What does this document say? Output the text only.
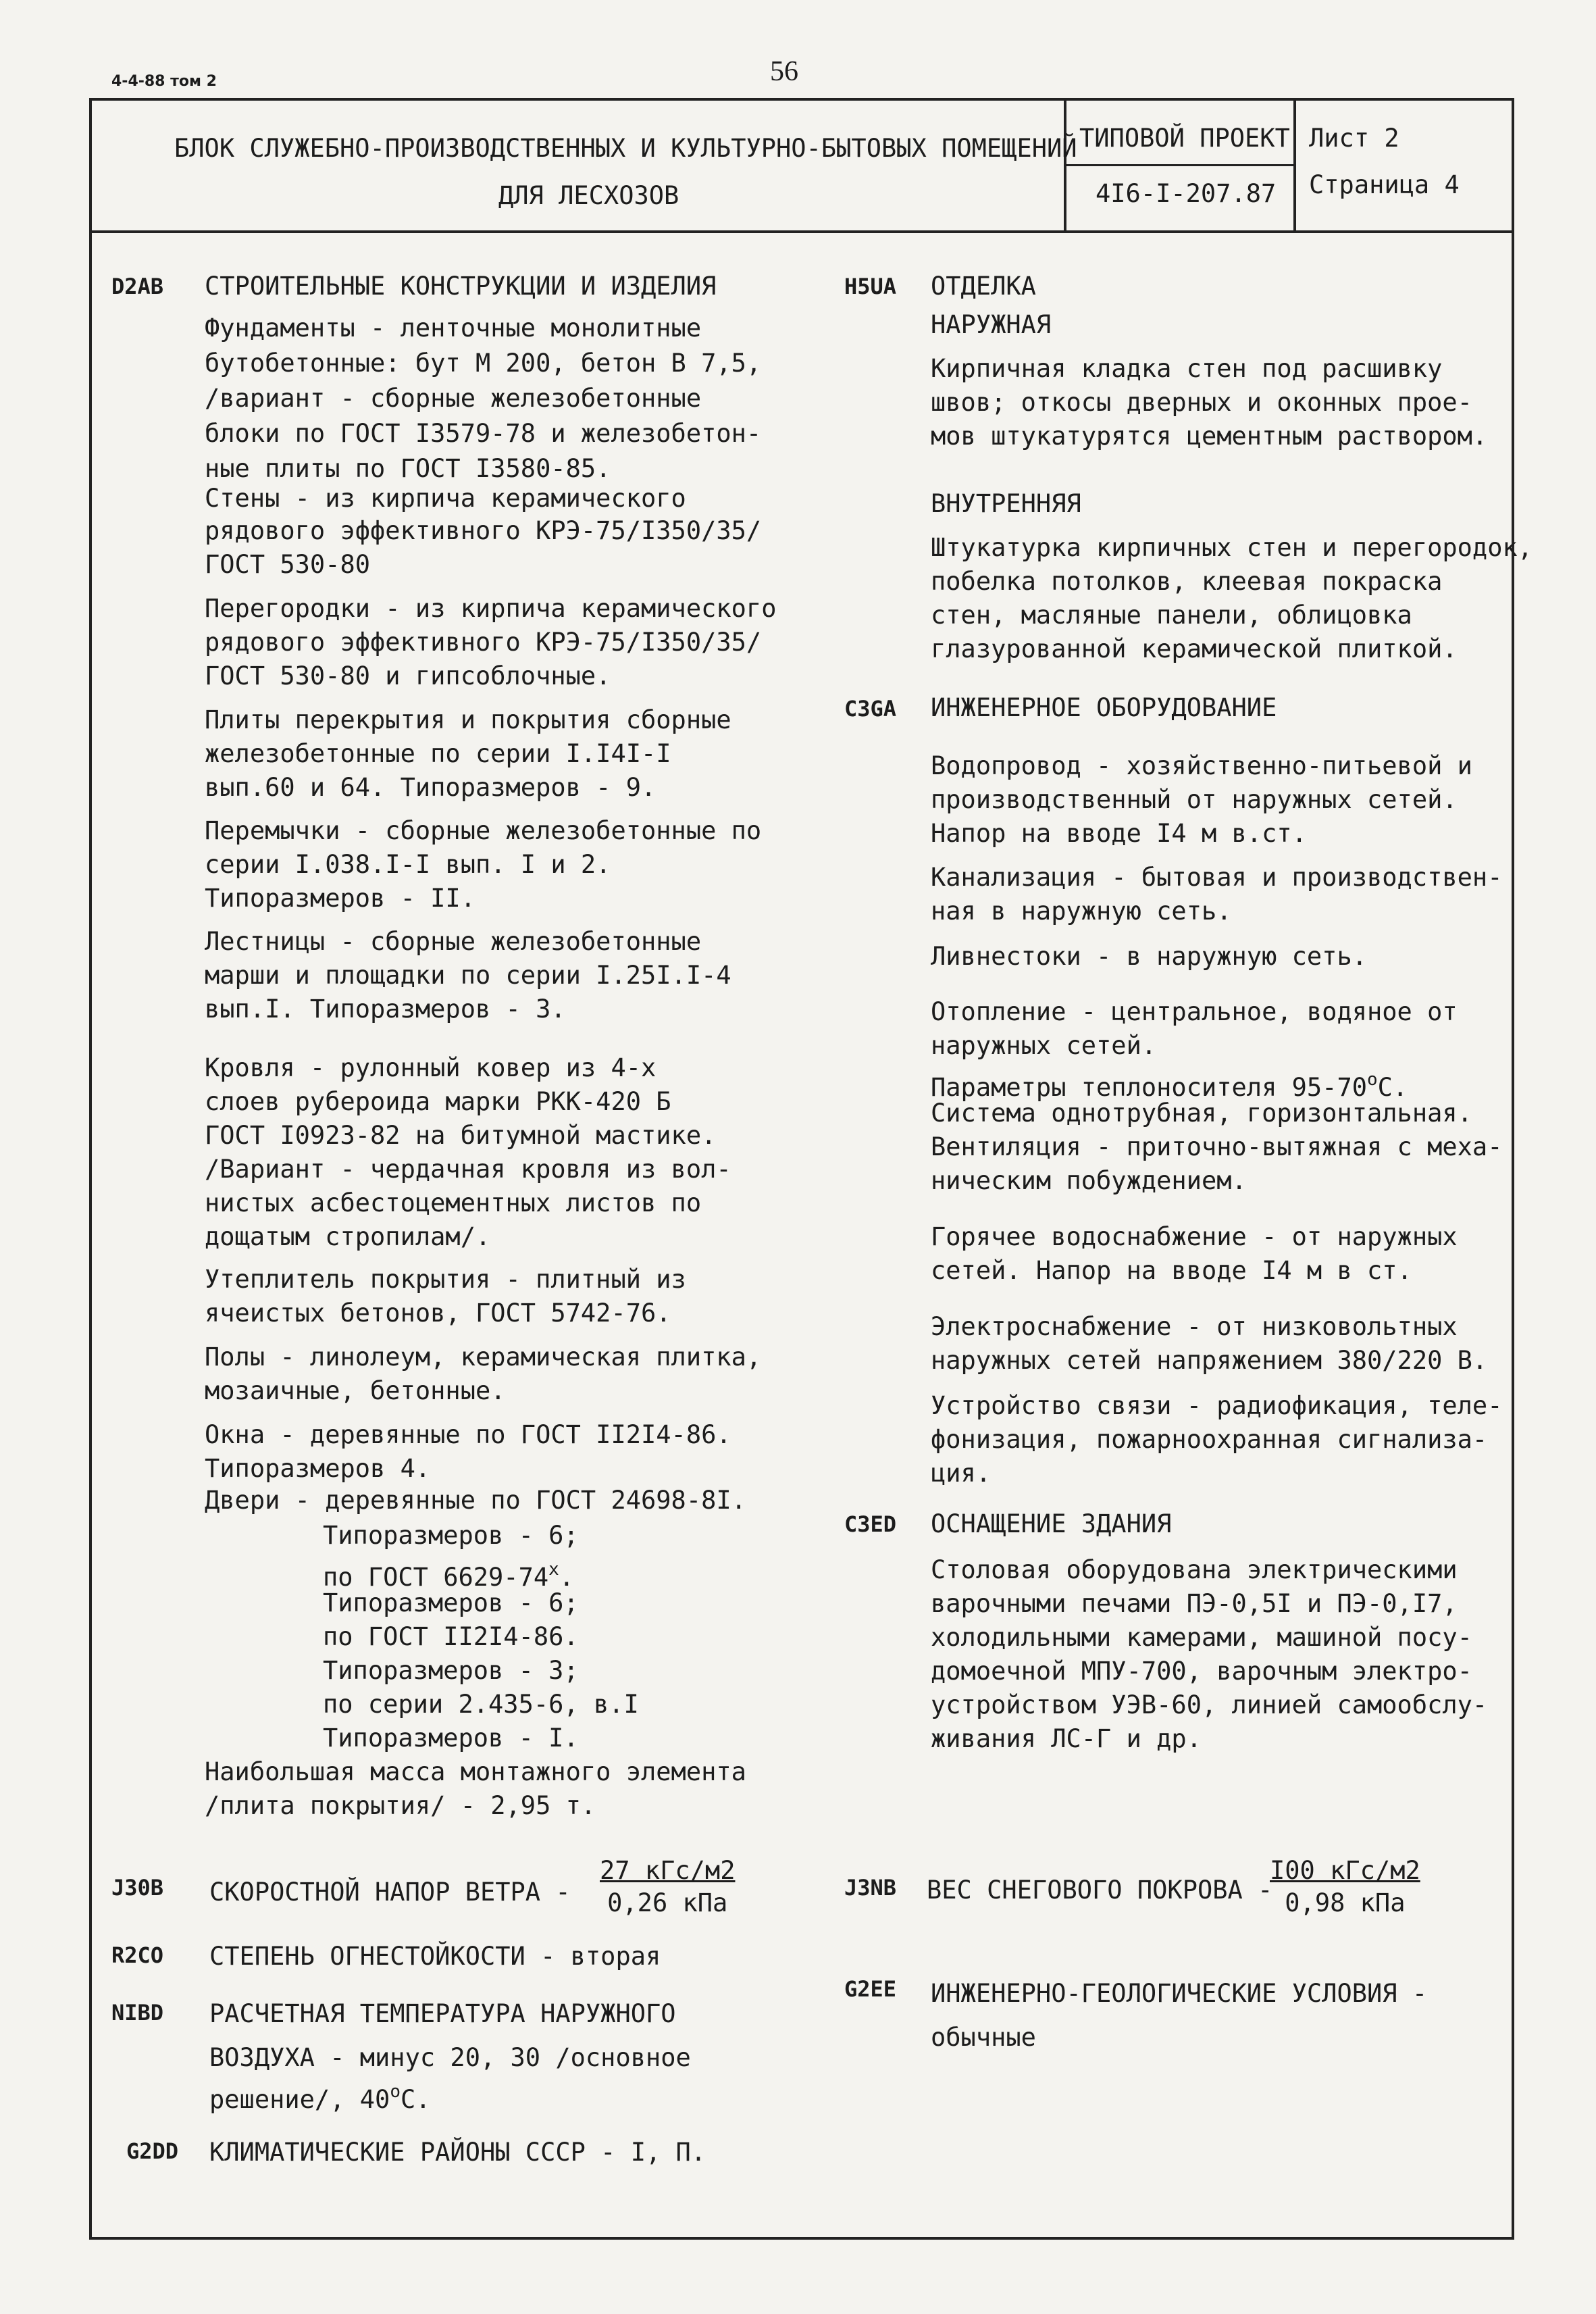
4-4-88 том 2	56
БЛОК СЛУЖЕБНО-ПРОИЗВОДСТВЕННЫХ И КУЛЬТУРНО-БЫТОВЫХ ПОМЕЩЕНИЙ
ДЛЯ ЛЕСХОЗОВ
ТИПОВОЙ ПРОЕКТ
4I6-I-207.87
Лист 2
Страница 4
D2AB СТРОИТЕЛЬНЫЕ КОНСТРУКЦИИ И ИЗДЕЛИЯ
Фундаменты - ленточные монолитные
бутобетонные: бут М 200, бетон В 7,5,
/вариант - сборные железобетонные
блоки по ГОСТ I3579-78 и железобетон-
ные плиты по ГОСТ I3580-85.
Стены - из кирпича керамического
рядового эффективного КРЭ-75/I350/35/
ГОСТ 530-80
Перегородки - из кирпича керамического
рядового эффективного КРЭ-75/I350/35/
ГОСТ 530-80 и гипсоблочные.
Плиты перекрытия и покрытия сборные
железобетонные по серии I.I4I-I
вып.60 и 64. Типоразмеров - 9.
Перемычки - сборные железобетонные по
серии I.038.I-I вып. I и 2.
Типоразмеров - II.
Лестницы - сборные железобетонные
марши и площадки по серии I.25I.I-4
вып.I. Типоразмеров - 3.
Кровля - рулонный ковер из 4-х
слоев рубероида марки РКК-420 Б
ГОСТ I0923-82 на битумной мастике.
/Вариант - чердачная кровля из вол-
нистых асбестоцементных листов по
дощатым стропилам/.
Утеплитель покрытия - плитный из
ячеистых бетонов, ГОСТ 5742-76.
Полы - линолеум, керамическая плитка,
мозаичные, бетонные.
Окна - деревянные по ГОСТ II2I4-86.
Типоразмеров 4.
Двери - деревянные по ГОСТ 24698-8I.
Типоразмеров - 6;
по ГОСТ 6629-74$^x$.
Типоразмеров - 6;
по ГОСТ II2I4-86.
Типоразмеров - 3;
по серии 2.435-6, в.I
Типоразмеров - I.
Наибольшая масса монтажного элемента
/плита покрытия/ - 2,95 т.
J30B СКОРОСТНОЙ НАПОР ВЕТРА -
27 кГс/м2
0,26 кПа
R2CO СТЕПЕНЬ ОГНЕСТОЙКОСТИ - вторая
NIBD РАСЧЕТНАЯ ТЕМПЕРАТУРА НАРУЖНОГО
ВОЗДУХА - минус 20, 30 /основное
решение/, 40$^o$С.
G2DD КЛИМАТИЧЕСКИЕ РАЙОНЫ СССР - I, П.
H5UA ОТДЕЛКА
НАРУЖНАЯ
Кирпичная кладка стен под расшивку
швов; откосы дверных и оконных прое-
мов штукатурятся цементным раствором.
ВНУТРЕННЯЯ
Штукатурка кирпичных стен и перегородок,
побелка потолков, клеевая покраска
стен, масляные панели, облицовка
глазурованной керамической плиткой.
C3GA ИНЖЕНЕРНОЕ ОБОРУДОВАНИЕ
Водопровод - хозяйственно-питьевой и
производственный от наружных сетей.
Напор на вводе I4 м в.ст.
Канализация - бытовая и производствен-
ная в наружную сеть.
Ливнестоки - в наружную сеть.
Отопление - центральное, водяное от
наружных сетей.
Параметры теплоносителя 95-70$^o$С.
Система однотрубная, горизонтальная.
Вентиляция - приточно-вытяжная с меха-
ническим побуждением.
Горячее водоснабжение - от наружных
сетей. Напор на вводе I4 м в ст.
Электроснабжение - от низковольтных
наружных сетей напряжением 380/220 В.
Устройство связи - радиофикация, теле-
фонизация, пожарноохранная сигнализа-
ция.
C3ED ОСНАЩЕНИЕ ЗДАНИЯ
Столовая оборудована электрическими
варочными печами ПЭ-0,5I и ПЭ-0,I7,
холодильными камерами, машиной посу-
домоечной МПУ-700, варочным электро-
устройством УЭВ-60, линией самообслу-
живания ЛС-Г и др.
J3NB ВЕС СНЕГОВОГО ПОКРОВА -
I00 кГс/м2
0,98 кПа
G2EE ИНЖЕНЕРНО-ГЕОЛОГИЧЕСКИЕ УСЛОВИЯ -
обычные
